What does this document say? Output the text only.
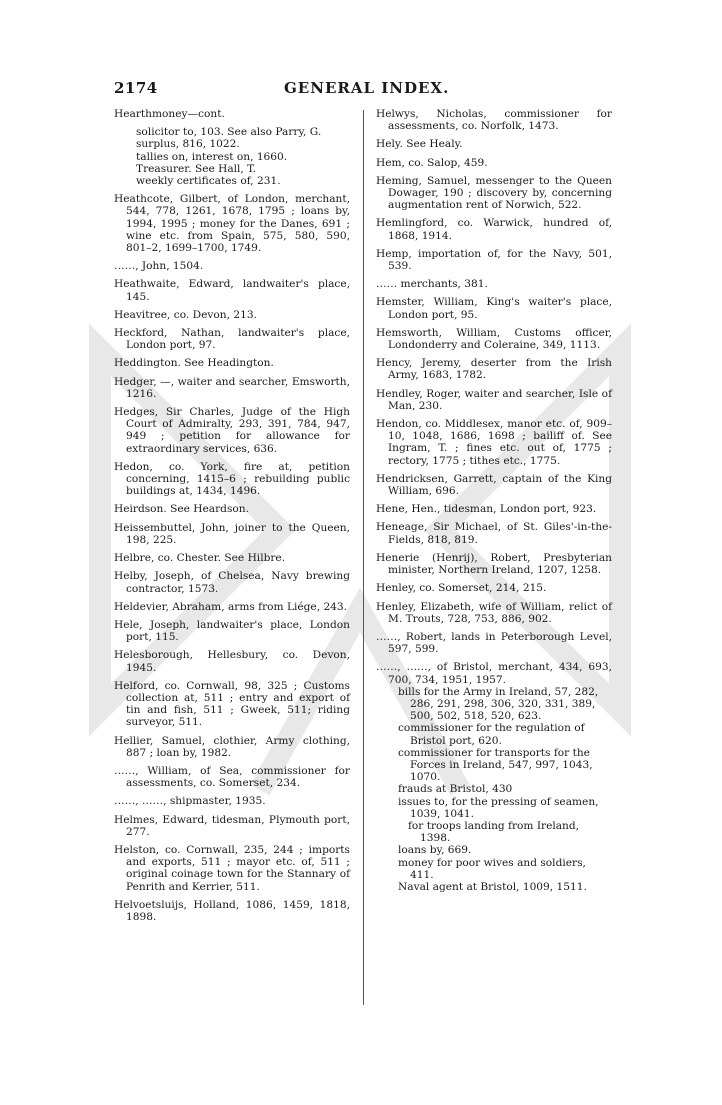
2174	GENERAL INDEX.

Hearthmoney—cont.

solicitor to, 103. See also Parry, G.

surplus, 816, 1022.

tallies on, interest on, 1660.

Treasurer. See Hall, T.

weekly certificates of, 231.

Heathcote, Gilbert, of London, merchant, 544, 778, 1261, 1678, 1795 ; loans by, 1994, 1995 ; money for the Danes, 691 ; wine etc. from Spain, 575, 580, 590, 801–2, 1699–1700, 1749.

……, John, 1504.

Heathwaite, Edward, landwaiter's place, 145.

Heavitree, co. Devon, 213.

Heckford, Nathan, landwaiter's place, London port, 97.

Heddington. See Headington.

Hedger, —, waiter and searcher, Emsworth, 1216.

Hedges, Sir Charles, Judge of the High Court of Admiralty, 293, 391, 784, 947, 949 ; petition for allowance for extraordinary services, 636.

Hedon, co. York, fire at, petition concerning, 1415–6 ; rebuilding public buildings at, 1434, 1496.

Heirdson. See Heardson.

Heissembuttel, John, joiner to the Queen, 198, 225.

Helbre, co. Chester. See Hilbre.

Helby, Joseph, of Chelsea, Navy brewing contractor, 1573.

Heldevier, Abraham, arms from Liége, 243.

Hele, Joseph, landwaiter's place, London port, 115.

Helesborough, Hellesbury, co. Devon, 1945.

Helford, co. Cornwall, 98, 325 ; Customs collection at, 511 ; entry and export of tin and fish, 511 ; Gweek, 511; riding surveyor, 511.

Hellier, Samuel, clothier, Army clothing, 887 ; loan by, 1982.

……, William, of Sea, commissioner for assessments, co. Somerset, 234.

……, ……, shipmaster, 1935.

Helmes, Edward, tidesman, Plymouth port, 277.

Helston, co. Cornwall, 235, 244 ; imports and exports, 511 ; mayor etc. of, 511 ; original coinage town for the Stannary of Penrith and Kerrier, 511.

Helvoetsluijs, Holland, 1086, 1459, 1818, 1898.

Helwys, Nicholas, commissioner for assessments, co. Norfolk, 1473.

Hely. See Healy.

Hem, co. Salop, 459.

Heming, Samuel, messenger to the Queen Dowager, 190 ; discovery by, concerning augmentation rent of Norwich, 522.

Hemlingford, co. Warwick, hundred of, 1868, 1914.

Hemp, importation of, for the Navy, 501, 539.

…… merchants, 381.

Hemster, William, King's waiter's place, London port, 95.

Hemsworth, William, Customs officer, Londonderry and Coleraine, 349, 1113.

Hency, Jeremy, deserter from the Irish Army, 1683, 1782.

Hendley, Roger, waiter and searcher, Isle of Man, 230.

Hendon, co. Middlesex, manor etc. of, 909–10, 1048, 1686, 1698 ; bailiff of. See Ingram, T. ; fines etc. out of, 1775 ; rectory, 1775 ; tithes etc., 1775.

Hendricksen, Garrett, captain of the King William, 696.

Hene, Hen., tidesman, London port, 923.

Heneage, Sir Michael, of St. Giles'-in-the-Fields, 818, 819.

Henerie (Henrij), Robert, Presbyterian minister, Northern Ireland, 1207, 1258.

Henley, co. Somerset, 214, 215.

Henley, Elizabeth, wife of William, relict of M. Trouts, 728, 753, 886, 902.

……, Robert, lands in Peterborough Level, 597, 599.

……, ……, of Bristol, merchant, 434, 693, 700, 734, 1951, 1957.

bills for the Army in Ireland, 57, 282, 286, 291, 298, 306, 320, 331, 389, 500, 502, 518, 520, 623.

commissioner for the regulation of Bristol port, 620.

commissioner for transports for the Forces in Ireland, 547, 997, 1043, 1070.

frauds at Bristol, 430

issues to, for the pressing of seamen, 1039, 1041.

for troops landing from Ireland, 1398.

loans by, 669.

money for poor wives and soldiers, 411.

Naval agent at Bristol, 1009, 1511.
